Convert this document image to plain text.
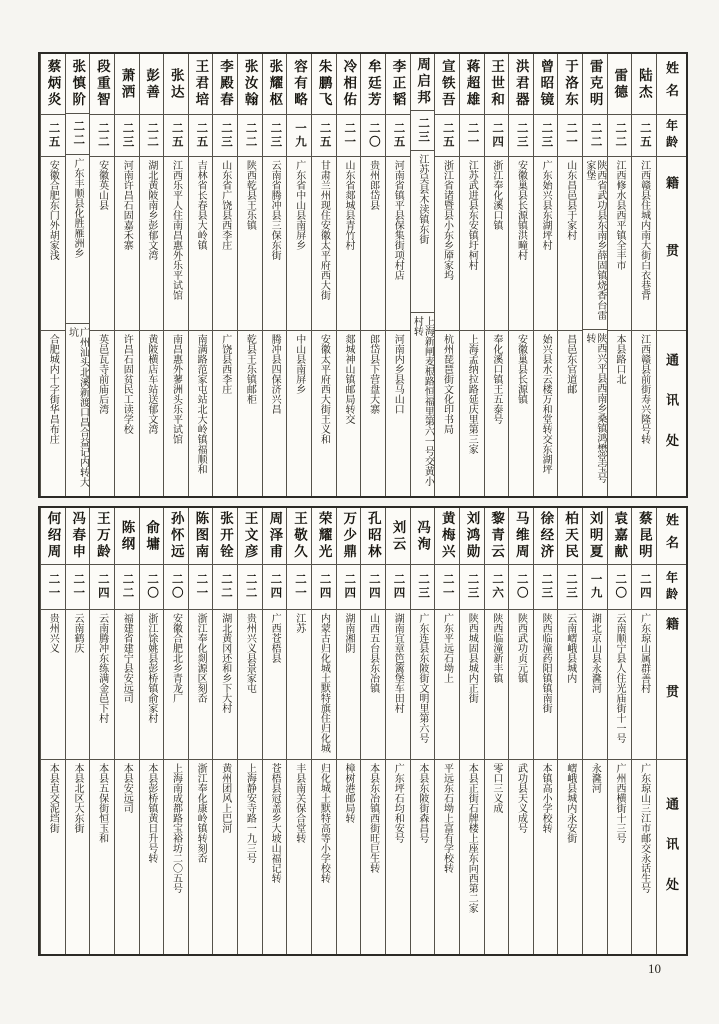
姓名
年龄
籍贯
通讯处
陆杰
二五
江西赣县住城内南大街白衣巷背
江西赣县前街寿兴隆号转
雷德
二二
江西修水县西平镇全丰市
本县路口北
雷克明
二二
陕西省武功县东南乡薛固镇烧香台雷家堡
陕西兴平县西南乡桑镇鸿懋堂宝号转
于洛东
二一
山东昌邑县于家村
昌邑东官道邮
曾昭镜
二三
广东始兴县东湖坪村
始兴县水云楼万和堂转交东湖坪
洪君器
二三
安徽巢县长源镇洪疃村
安徽巢县长源镇
王世和
二四
浙江奉化溪口镇
奉化溪口镇王五泰号
蒋超雄
二一
江苏武进县东安镇圩柯村
上海孟纳拉路延庆里第三家
宣铁吾
二五
浙江省诸暨县小东乡厣家坞
杭州琵琶街文化印书局
周启邦
二三
江苏吴县木渎镇东街
上海新闸麦根路恒福里第六一号交黄小村转
李正韬
二五
河南省镇平县保集街项村店
河南内乡县马山口
牟廷芳
二〇
贵州郎岱县
郎岱县下营盘大寨
冷相佑
二一
山东省郯城县青竹村
郯城神山镇邮局转交
朱鹏飞
二五
甘肃兰州现住安徽太平府西大街
安徽太平府西大街王义和
容有略
一九
广东省中山县南屏乡
中山县南屏乡
张耀枢
二三
云南省腾冲县三保东街
腾冲县四保济兴昌
张汝翰
二二
陕西乾县王乐镇
乾县王乐镇邮柜
李殿春
二三
山东省广饶县西李庄
广饶县西李庄
王君培
二五
吉林省长春县大岭镇
南满路范家屯站北大岭镇福顺和
张达
二五
江西乐平人住南昌惠外乐平试馆
南昌惠外蓼洲头乐平试馆
彭善
二二
湖北黄陂南乡彭郁文湾
黄陂横店车站送郁文湾
萧洒
二三
河南许昌石固嘉禾寨
许昌石固贫民工读学校
段重智
二二
安徽英山县
英邑瓦寺前庙后湾
张慎阶
二二
广东丰顺县化胜雁洲乡
广州汕头北溪新渡口昌合益记内转大坑
蔡炳炎
二五
安徽合肥东门外胡家浅
合肥城内十字街华昌布庄
姓名
年龄
籍贯
通讯处
蔡昆明
二四
广东琼山属群善村
广东琼山三江市邮交永话生号
袁嘉献
二〇
云南顺宁县人住光庙街十一号
广州西横街十三号
刘明夏
一九
湖北京山县永漋河
永漋河
柏天民
二三
云南嶍峨县城内
嶍峨县城内永安街
徐经济
二三
陕西临潼药阳镇镇南街
本镇高小学校转
马维周
二〇
陕西武功贞元镇
武功县天义成号
黎青云
二六
陕西临潼新丰镇
零口三义成
刘鸿勋
二三
陕西城固县城内正街
本县正街石牌楼上座东向西第二家
黄梅兴
二一
广东平远石坳上
平远东石坳上富有学校转
冯洵
二三
广东连县东陂街文明里第六号
本县东陂街森昌号
刘云
二四
湖南宜章笆篱堡车田村
广东坪石均和安号
孔昭林
二四
山西五台县东冶镇
本县东冶镇西街旺巨生转
万少鼎
二四
湖南湘阴
樟树港邮局转
荣耀光
二四
内蒙古归化城土默特旗住归化城
归化城土默特高等小学校转
王敬久
二一
江苏
丰县南关保合堂转
周泽甫
二四
广西苍梧县
苍梧县冠盖乡大坡山福记转
王文彦
二二
贵州兴义县景家屯
上海静安寺路一九三号
张开铨
二二
湖北黄冈还和乡下大村
黄州团风上巴河
陈图南
二一
浙江奉化剡源区刻岙
浙江奉化康岭镇转刻岙
孙怀远
二〇
安徽合肥北乡青龙厂
上海南成都路宝裕坊二〇五号
俞墉
二〇
浙江馀姚县彭桥镇俞家村
本县彭桥镇黄日升号转
陈纲
二二
福建省建宁县安远司
本县安远司
王万龄
二四
云南腾冲东练满金邑下村
本县五保街恒玉和
冯春申
二一
云南鹤庆
本县北区大东街
何绍周
二一
贵州兴义
本县直交泥垱街
10
